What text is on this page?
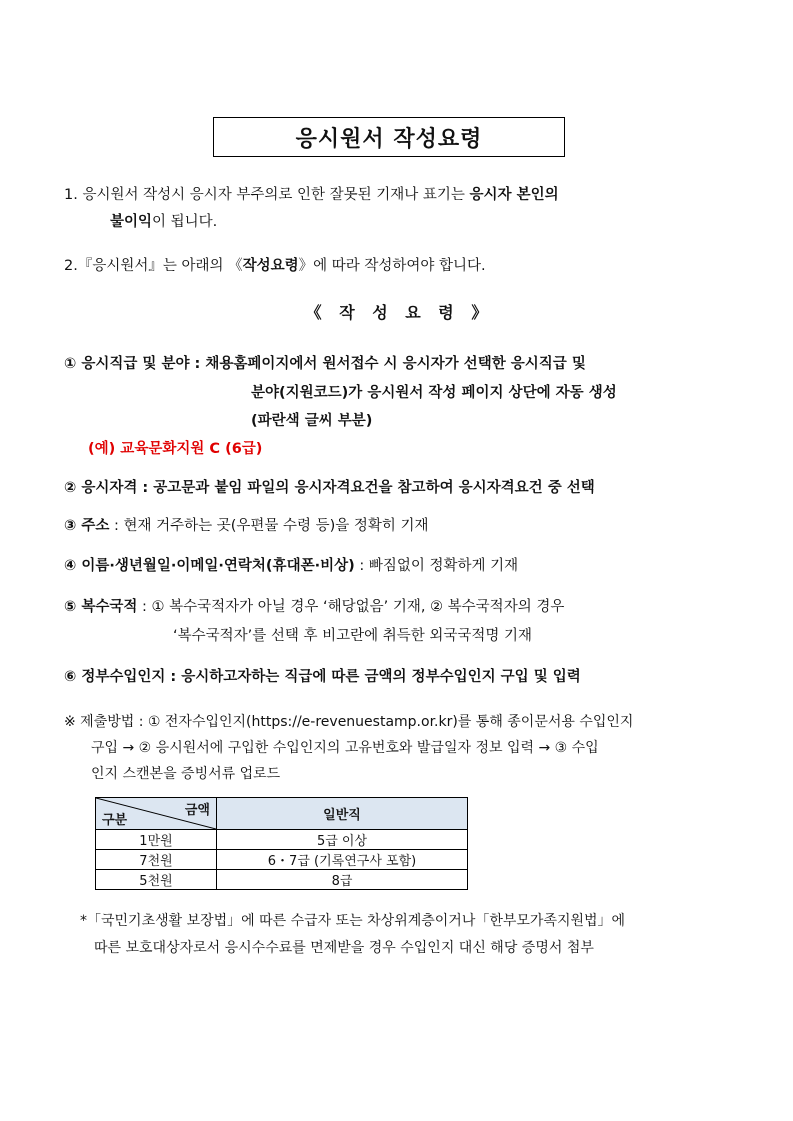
응시원서 작성요령

1. 응시원서 작성시 응시자 부주의로 인한 잘못된 기재나 표기는 응시자 본인의
불이익이 됩니다.

2.『응시원서』는 아래의 《작성요령》에 따라 작성하여야 합니다.

《 작 성 요 령 》
① 응시직급 및 분야 : 채용홈페이지에서 원서접수 시 응시자가 선택한 응시직급 및
분야(지원코드)가 응시원서 작성 페이지 상단에 자동 생성
(파란색 글씨 부분)
(예) 교육문화지원 C (6급)
② 응시자격 : 공고문과 붙임 파일의 응시자격요건을 참고하여 응시자격요건 중 선택
③ 주소 : 현재 거주하는 곳(우편물 수령 등)을 정확히 기재
④ 이름·생년월일·이메일·연락처(휴대폰·비상) : 빠짐없이 정확하게 기재
⑤ 복수국적 : ① 복수국적자가 아닐 경우 ‘해당없음’ 기재, ② 복수국적자의 경우
‘복수국적자’를 선택 후 비고란에 취득한 외국국적명 기재
⑥ 정부수입인지 : 응시하고자하는 직급에 따른 금액의 정부수입인지 구입 및 입력
※ 제출방법 : ① 전자수입인지(https://e-revenuestamp.or.kr)를 통해 종이문서용 수입인지
구입 → ② 응시원서에 구입한 수입인지의 고유번호와 발급일자 정보 입력 → ③ 수입
인지 스캔본을 증빙서류 업로드
금액
구분	일반직
1만원	5급 이상
7천원	6・7급 (기록연구사 포함)
5천원	8급
*「국민기초생활 보장법」에 따른 수급자 또는 차상위계층이거나「한부모가족지원법」에
따른 보호대상자로서 응시수수료를 면제받을 경우 수입인지 대신 해당 증명서 첨부
